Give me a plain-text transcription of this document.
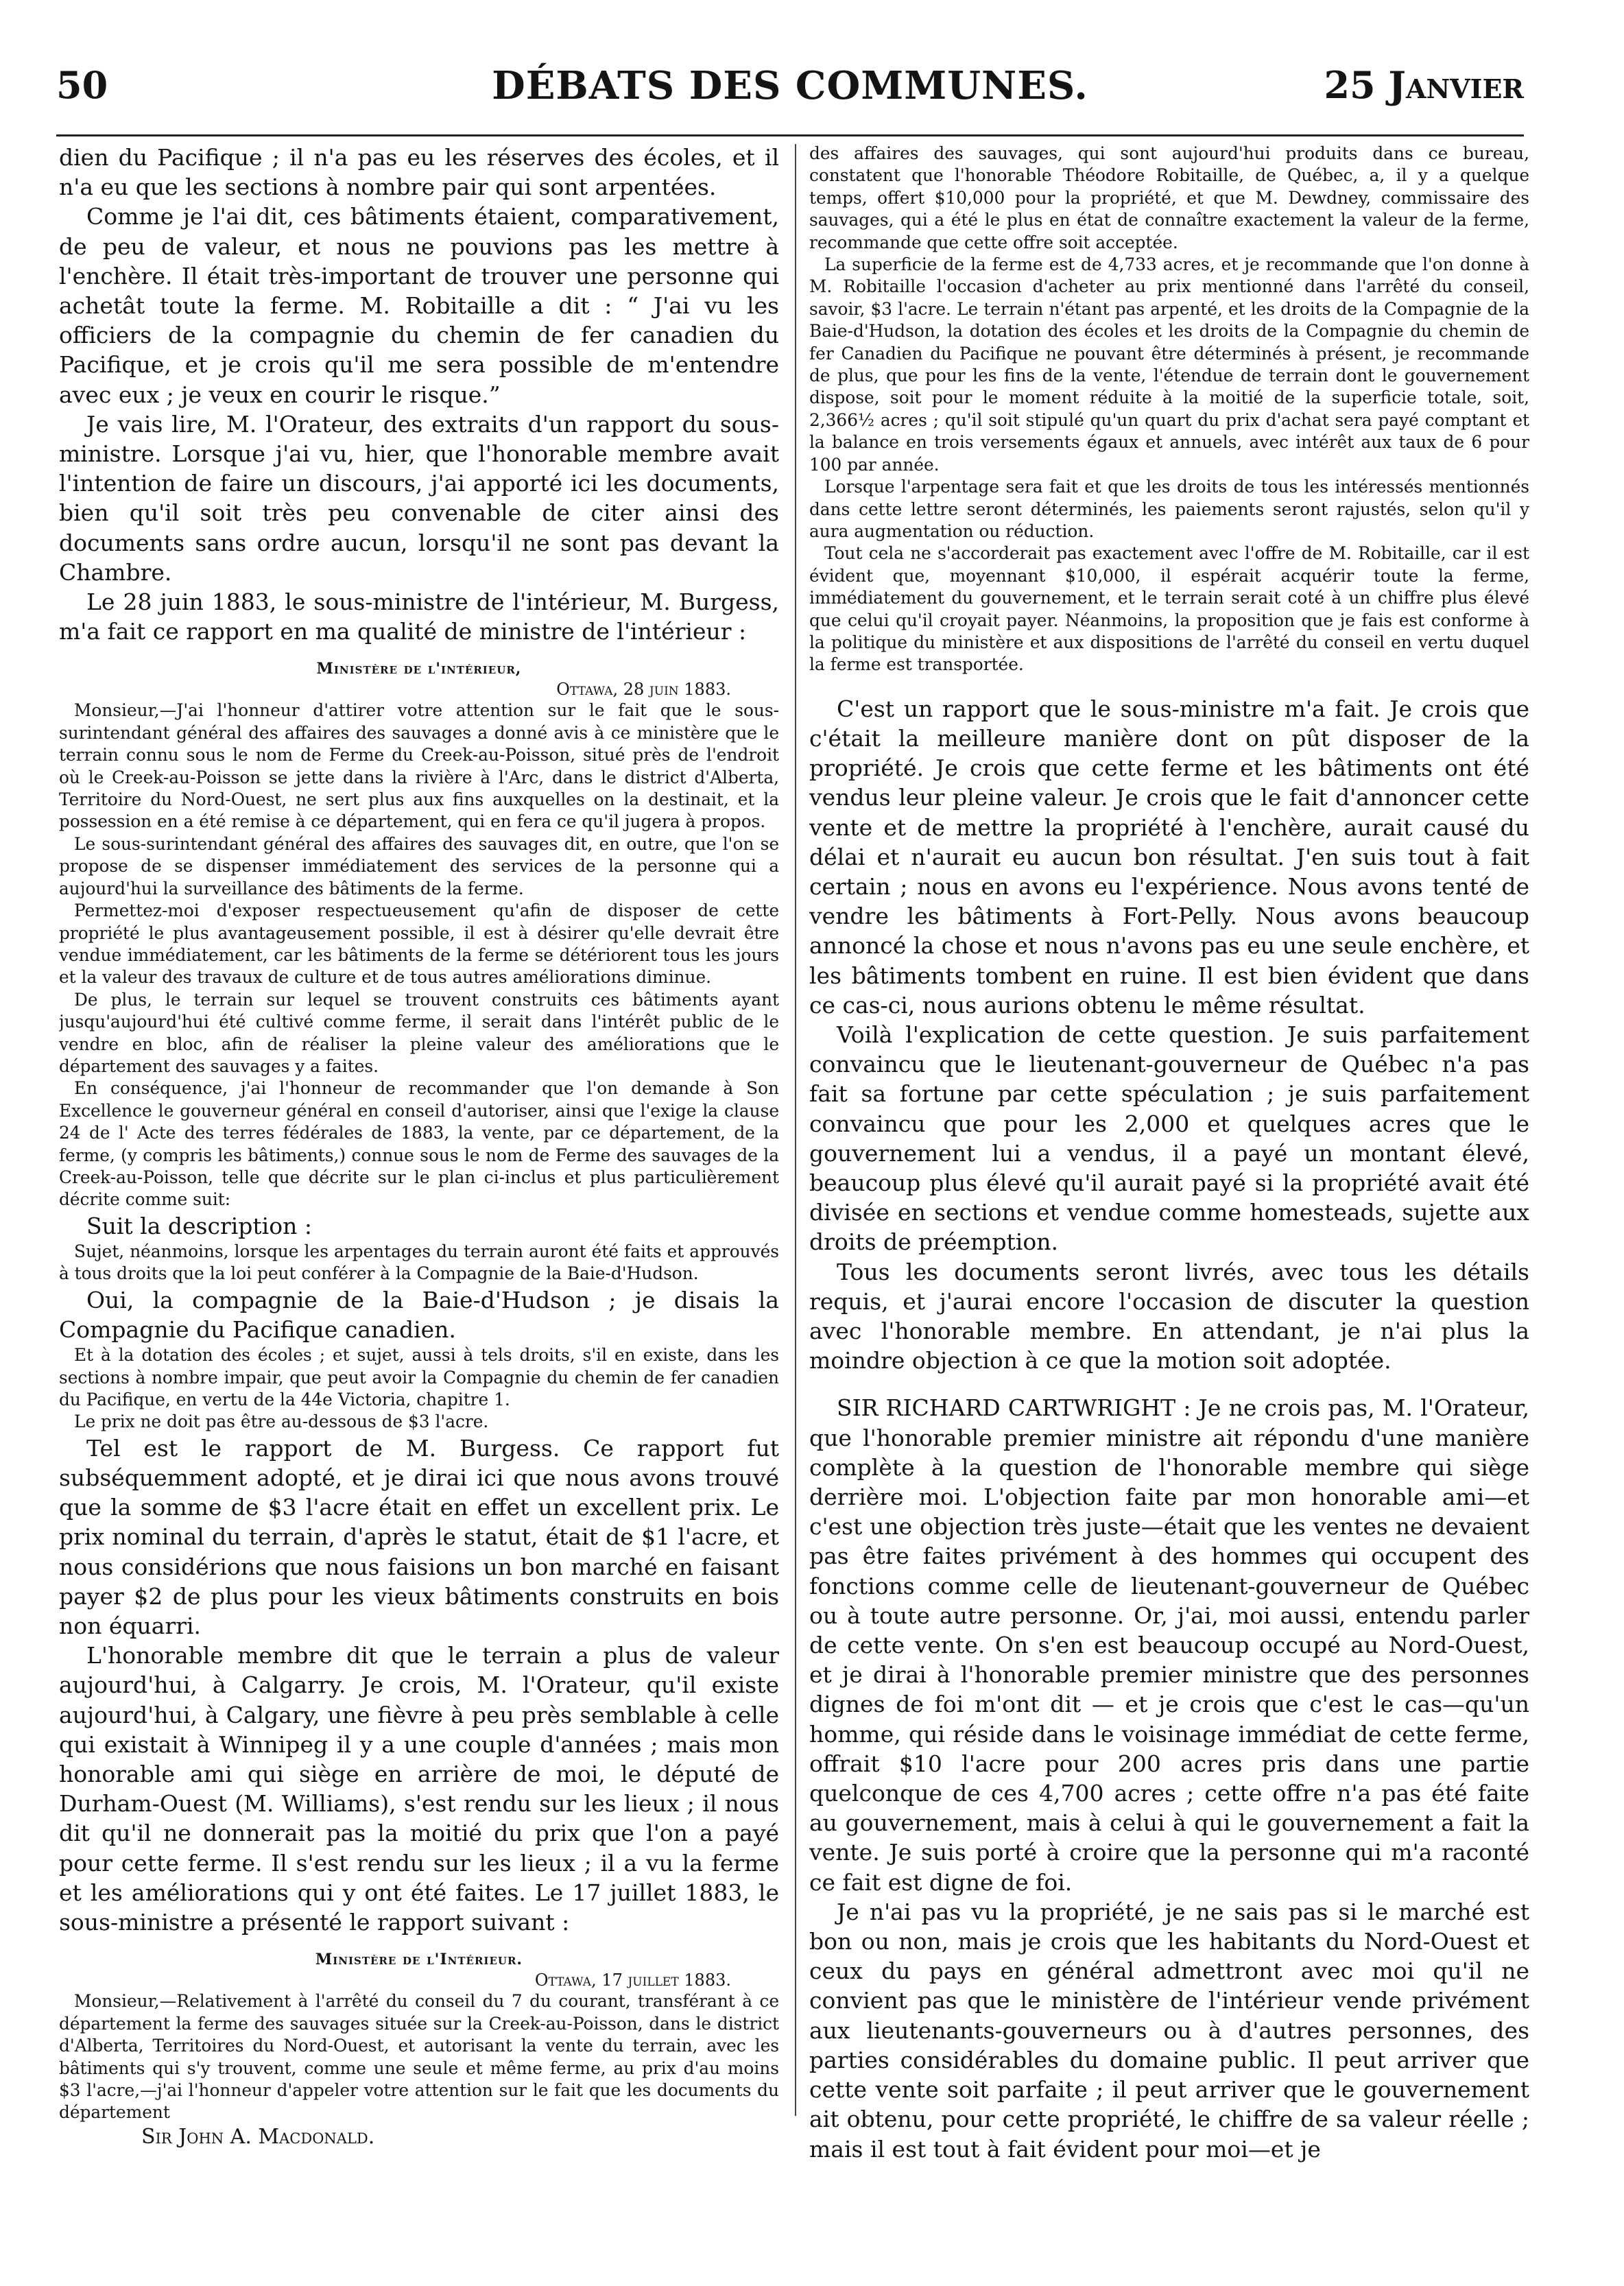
50	DÉBATS DES COMMUNES.	25 Janvier

dien du Pacifique ; il n'a pas eu les réserves des écoles, et il n'a eu que les sections à nombre pair qui sont arpentées.

Comme je l'ai dit, ces bâtiments étaient, comparativement, de peu de valeur, et nous ne pouvions pas les mettre à l'enchère. Il était très-important de trouver une personne qui achetât toute la ferme. M. Robitaille a dit : “ J'ai vu les officiers de la compagnie du chemin de fer canadien du Pacifique, et je crois qu'il me sera possible de m'entendre avec eux ; je veux en courir le risque.”

Je vais lire, M. l'Orateur, des extraits d'un rapport du sous-ministre. Lorsque j'ai vu, hier, que l'honorable membre avait l'intention de faire un discours, j'ai apporté ici les documents, bien qu'il soit très peu convenable de citer ainsi des documents sans ordre aucun, lorsqu'il ne sont pas devant la Chambre.

Le 28 juin 1883, le sous-ministre de l'intérieur, M. Burgess, m'a fait ce rapport en ma qualité de ministre de l'intérieur :

Ministère de l'intérieur,

Ottawa, 28 juin 1883.

Monsieur,—J'ai l'honneur d'attirer votre attention sur le fait que le sous-surintendant général des affaires des sauvages a donné avis à ce ministère que le terrain connu sous le nom de Ferme du Creek-au-Poisson, situé près de l'endroit où le Creek-au-Poisson se jette dans la rivière à l'Arc, dans le district d'Alberta, Territoire du Nord-Ouest, ne sert plus aux fins auxquelles on la destinait, et la possession en a été remise à ce département, qui en fera ce qu'il jugera à propos.

Le sous-surintendant général des affaires des sauvages dit, en outre, que l'on se propose de se dispenser immédiatement des services de la personne qui a aujourd'hui la surveillance des bâtiments de la ferme.

Permettez-moi d'exposer respectueusement qu'afin de disposer de cette propriété le plus avantageusement possible, il est à désirer qu'elle devrait être vendue immédiatement, car les bâtiments de la ferme se détériorent tous les jours et la valeur des travaux de culture et de tous autres améliorations diminue.

De plus, le terrain sur lequel se trouvent construits ces bâtiments ayant jusqu'aujourd'hui été cultivé comme ferme, il serait dans l'intérêt public de le vendre en bloc, afin de réaliser la pleine valeur des améliorations que le département des sauvages y a faites.

En conséquence, j'ai l'honneur de recommander que l'on demande à Son Excellence le gouverneur général en conseil d'autoriser, ainsi que l'exige la clause 24 de l' Acte des terres fédérales de 1883, la vente, par ce département, de la ferme, (y compris les bâtiments,) connue sous le nom de Ferme des sauvages de la Creek-au-Poisson, telle que décrite sur le plan ci-inclus et plus particulièrement décrite comme suit:

Suit la description :

Sujet, néanmoins, lorsque les arpentages du terrain auront été faits et approuvés à tous droits que la loi peut conférer à la Compagnie de la Baie-d'Hudson.

Oui, la compagnie de la Baie-d'Hudson ; je disais la Compagnie du Pacifique canadien.

Et à la dotation des écoles ; et sujet, aussi à tels droits, s'il en existe, dans les sections à nombre impair, que peut avoir la Compagnie du chemin de fer canadien du Pacifique, en vertu de la 44e Victoria, chapitre 1.

Le prix ne doit pas être au-dessous de $3 l'acre.

Tel est le rapport de M. Burgess. Ce rapport fut subséquemment adopté, et je dirai ici que nous avons trouvé que la somme de $3 l'acre était en effet un excellent prix. Le prix nominal du terrain, d'après le statut, était de $1 l'acre, et nous considérions que nous faisions un bon marché en faisant payer $2 de plus pour les vieux bâtiments construits en bois non équarri.

L'honorable membre dit que le terrain a plus de valeur aujourd'hui, à Calgarry. Je crois, M. l'Orateur, qu'il existe aujourd'hui, à Calgary, une fièvre à peu près semblable à celle qui existait à Winnipeg il y a une couple d'années ; mais mon honorable ami qui siège en arrière de moi, le député de Durham-Ouest (M. Williams), s'est rendu sur les lieux ; il nous dit qu'il ne donnerait pas la moitié du prix que l'on a payé pour cette ferme. Il s'est rendu sur les lieux ; il a vu la ferme et les améliorations qui y ont été faites. Le 17 juillet 1883, le sous-ministre a présenté le rapport suivant :

Ministère de l'Intérieur.

Ottawa, 17 juillet 1883.

Monsieur,—Relativement à l'arrêté du conseil du 7 du courant, transférant à ce département la ferme des sauvages située sur la Creek-au-Poisson, dans le district d'Alberta, Territoires du Nord-Ouest, et autorisant la vente du terrain, avec les bâtiments qui s'y trouvent, comme une seule et même ferme, au prix d'au moins $3 l'acre,—j'ai l'honneur d'appeler votre attention sur le fait que les documents du département

Sir John A. Macdonald.

des affaires des sauvages, qui sont aujourd'hui produits dans ce bureau, constatent que l'honorable Théodore Robitaille, de Québec, a, il y a quelque temps, offert $10,000 pour la propriété, et que M. Dewdney, commissaire des sauvages, qui a été le plus en état de connaître exactement la valeur de la ferme, recommande que cette offre soit acceptée.

La superficie de la ferme est de 4,733 acres, et je recommande que l'on donne à M. Robitaille l'occasion d'acheter au prix mentionné dans l'arrêté du conseil, savoir, $3 l'acre. Le terrain n'étant pas arpenté, et les droits de la Compagnie de la Baie-d'Hudson, la dotation des écoles et les droits de la Compagnie du chemin de fer Canadien du Pacifique ne pouvant être déterminés à présent, je recommande de plus, que pour les fins de la vente, l'étendue de terrain dont le gouvernement dispose, soit pour le moment réduite à la moitié de la superficie totale, soit, 2,366½ acres ; qu'il soit stipulé qu'un quart du prix d'achat sera payé comptant et la balance en trois versements égaux et annuels, avec intérêt aux taux de 6 pour 100 par année.

Lorsque l'arpentage sera fait et que les droits de tous les intéressés mentionnés dans cette lettre seront déterminés, les paiements seront rajustés, selon qu'il y aura augmentation ou réduction.

Tout cela ne s'accorderait pas exactement avec l'offre de M. Robitaille, car il est évident que, moyennant $10,000, il espérait acquérir toute la ferme, immédiatement du gouvernement, et le terrain serait coté à un chiffre plus élevé que celui qu'il croyait payer. Néanmoins, la proposition que je fais est conforme à la politique du ministère et aux dispositions de l'arrêté du conseil en vertu duquel la ferme est transportée.

C'est un rapport que le sous-ministre m'a fait. Je crois que c'était la meilleure manière dont on pût disposer de la propriété. Je crois que cette ferme et les bâtiments ont été vendus leur pleine valeur. Je crois que le fait d'annoncer cette vente et de mettre la propriété à l'enchère, aurait causé du délai et n'aurait eu aucun bon résultat. J'en suis tout à fait certain ; nous en avons eu l'expérience. Nous avons tenté de vendre les bâtiments à Fort-Pelly. Nous avons beaucoup annoncé la chose et nous n'avons pas eu une seule enchère, et les bâtiments tombent en ruine. Il est bien évident que dans ce cas-ci, nous aurions obtenu le même résultat.

Voilà l'explication de cette question. Je suis parfaitement convaincu que le lieutenant-gouverneur de Québec n'a pas fait sa fortune par cette spéculation ; je suis parfaitement convaincu que pour les 2,000 et quelques acres que le gouvernement lui a vendus, il a payé un montant élevé, beaucoup plus élevé qu'il aurait payé si la propriété avait été divisée en sections et vendue comme homesteads, sujette aux droits de préemption.

Tous les documents seront livrés, avec tous les détails requis, et j'aurai encore l'occasion de discuter la question avec l'honorable membre. En attendant, je n'ai plus la moindre objection à ce que la motion soit adoptée.

SIR RICHARD CARTWRIGHT : Je ne crois pas, M. l'Orateur, que l'honorable premier ministre ait répondu d'une manière complète à la question de l'honorable membre qui siège derrière moi. L'objection faite par mon honorable ami—et c'est une objection très juste—était que les ventes ne devaient pas être faites privément à des hommes qui occupent des fonctions comme celle de lieutenant-gouverneur de Québec ou à toute autre personne. Or, j'ai, moi aussi, entendu parler de cette vente. On s'en est beaucoup occupé au Nord-Ouest, et je dirai à l'honorable premier ministre que des personnes dignes de foi m'ont dit — et je crois que c'est le cas—qu'un homme, qui réside dans le voisinage immédiat de cette ferme, offrait $10 l'acre pour 200 acres pris dans une partie quelconque de ces 4,700 acres ; cette offre n'a pas été faite au gouvernement, mais à celui à qui le gouvernement a fait la vente. Je suis porté à croire que la personne qui m'a raconté ce fait est digne de foi.

Je n'ai pas vu la propriété, je ne sais pas si le marché est bon ou non, mais je crois que les habitants du Nord-Ouest et ceux du pays en général admettront avec moi qu'il ne convient pas que le ministère de l'intérieur vende privément aux lieutenants-gouverneurs ou à d'autres personnes, des parties considérables du domaine public. Il peut arriver que cette vente soit parfaite ; il peut arriver que le gouvernement ait obtenu, pour cette propriété, le chiffre de sa valeur réelle ; mais il est tout à fait évident pour moi—et je
